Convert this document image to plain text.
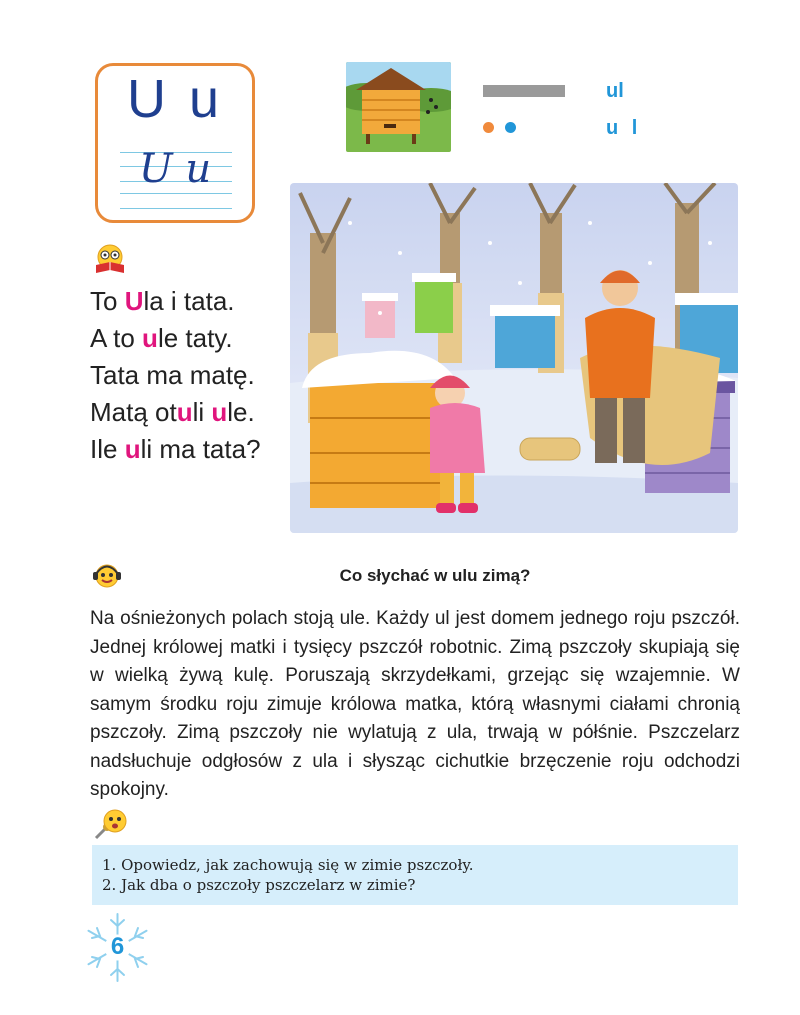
U u
U u
ul
u l
To Ula i tata.
A to ule taty.
Tata ma matę.
Matą otuli ule.
Ile uli ma tata?
Co słychać w ulu zimą?
Na ośnieżonych polach stoją ule. Każdy ul jest domem jednego roju pszczół. Jednej królowej matki i tysięcy pszczół robotnic. Zimą pszczoły skupiają się w wielką żywą kulę. Poruszają skrzydełkami, grzejąc się wzajemnie. W samym środku roju zimuje królowa matka, którą własnymi ciałami chronią pszczoły. Zimą pszczoły nie wylatują z ula, trwają w półśnie. Pszczelarz nadsłuchuje odgłosów z ula i słysząc cichutkie brzęczenie roju odchodzi spokojny.
1. Opowiedz, jak zachowują się w zimie pszczoły.
2. Jak dba o pszczoły pszczelarz w zimie?
6
